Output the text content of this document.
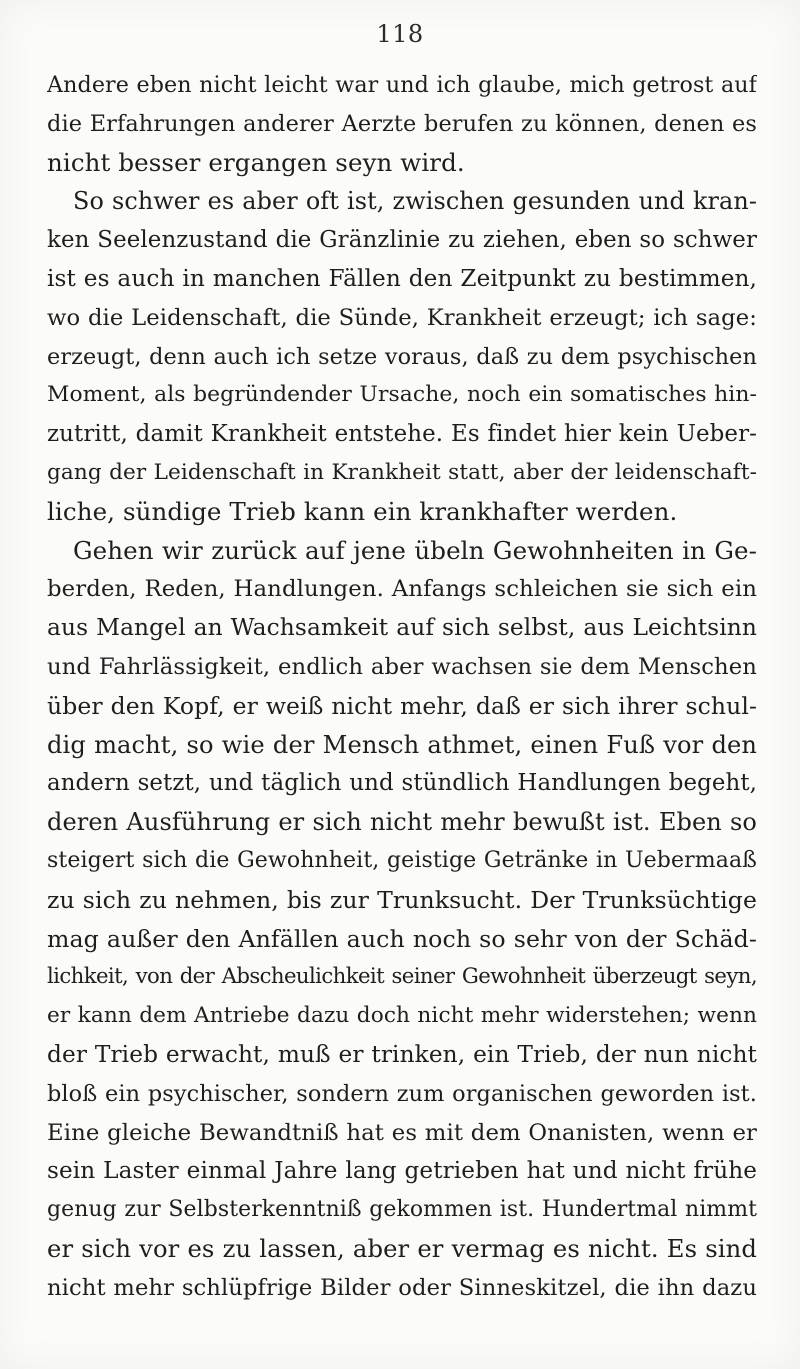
118
Andere eben nicht leicht war und ich glaube, mich getrost auf
die Erfahrungen anderer Aerzte berufen zu können, denen es
nicht besser ergangen seyn wird.
So schwer es aber oft ist, zwischen gesunden und kran-
ken Seelenzustand die Gränzlinie zu ziehen, eben so schwer
ist es auch in manchen Fällen den Zeitpunkt zu bestimmen,
wo die Leidenschaft, die Sünde, Krankheit erzeugt; ich sage:
erzeugt, denn auch ich setze voraus, daß zu dem psychischen
Moment, als begründender Ursache, noch ein somatisches hin-
zutritt, damit Krankheit entstehe. Es findet hier kein Ueber-
gang der Leidenschaft in Krankheit statt, aber der leidenschaft-
liche, sündige Trieb kann ein krankhafter werden.
Gehen wir zurück auf jene übeln Gewohnheiten in Ge-
berden, Reden, Handlungen. Anfangs schleichen sie sich ein
aus Mangel an Wachsamkeit auf sich selbst, aus Leichtsinn
und Fahrlässigkeit, endlich aber wachsen sie dem Menschen
über den Kopf, er weiß nicht mehr, daß er sich ihrer schul-
dig macht, so wie der Mensch athmet, einen Fuß vor den
andern setzt, und täglich und stündlich Handlungen begeht,
deren Ausführung er sich nicht mehr bewußt ist. Eben so
steigert sich die Gewohnheit, geistige Getränke in Uebermaaß
zu sich zu nehmen, bis zur Trunksucht. Der Trunksüchtige
mag außer den Anfällen auch noch so sehr von der Schäd-
lichkeit, von der Abscheulichkeit seiner Gewohnheit überzeugt seyn,
er kann dem Antriebe dazu doch nicht mehr widerstehen; wenn
der Trieb erwacht, muß er trinken, ein Trieb, der nun nicht
bloß ein psychischer, sondern zum organischen geworden ist.
Eine gleiche Bewandtniß hat es mit dem Onanisten, wenn er
sein Laster einmal Jahre lang getrieben hat und nicht frühe
genug zur Selbsterkenntniß gekommen ist. Hundertmal nimmt
er sich vor es zu lassen, aber er vermag es nicht. Es sind
nicht mehr schlüpfrige Bilder oder Sinneskitzel, die ihn dazu
